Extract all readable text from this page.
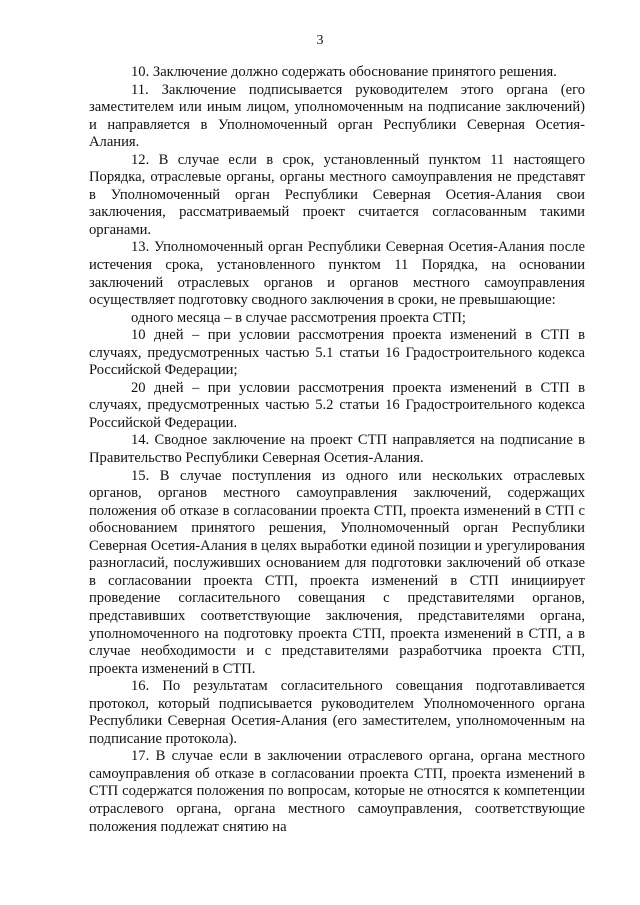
3

10. Заключение должно содержать обоснование принятого решения.

11. Заключение подписывается руководителем этого органа (его заместителем или иным лицом, уполномоченным на подписание заключений) и направляется в Уполномоченный орган Республики Северная Осетия-Алания.

12. В случае если в срок, установленный пунктом 11 настоящего Порядка, отраслевые органы, органы местного самоуправления не представят в Уполномоченный орган Республики Северная Осетия-Алания свои заключения, рассматриваемый проект считается согласованным такими органами.

13. Уполномоченный орган Республики Северная Осетия-Алания после истечения срока, установленного пунктом 11 Порядка, на основании заключений отраслевых органов и органов местного самоуправления осуществляет подготовку сводного заключения в сроки, не превышающие:

одного месяца – в случае рассмотрения проекта СТП;

10 дней – при условии рассмотрения проекта изменений в СТП в случаях, предусмотренных частью 5.1 статьи 16 Градостроительного кодекса Российской Федерации;

20 дней – при условии рассмотрения проекта изменений в СТП в случаях, предусмотренных частью 5.2 статьи 16 Градостроительного кодекса Российской Федерации.

14. Сводное заключение на проект СТП направляется на подписание в Правительство Республики Северная Осетия-Алания.

15. В случае поступления из одного или нескольких отраслевых органов, органов местного самоуправления заключений, содержащих положения об отказе в согласовании проекта СТП, проекта изменений в СТП с обоснованием принятого решения, Уполномоченный орган Республики Северная Осетия-Алания в целях выработки единой позиции и урегулирования разногласий, послуживших основанием для подготовки заключений об отказе в согласовании проекта СТП, проекта изменений в СТП инициирует проведение согласительного совещания с представителями органов, представивших соответствующие заключения, представителями органа, уполномоченного на подготовку проекта СТП, проекта изменений в СТП, а в случае необходимости и с представителями разработчика проекта СТП, проекта изменений в СТП.

16. По результатам согласительного совещания подготавливается протокол, который подписывается руководителем Уполномоченного органа Республики Северная Осетия-Алания (его заместителем, уполномоченным на подписание протокола).

17. В случае если в заключении отраслевого органа, органа местного самоуправления об отказе в согласовании проекта СТП, проекта изменений в СТП содержатся положения по вопросам, которые не относятся к компетенции отраслевого органа, органа местного самоуправления, соответствующие положения подлежат снятию на
